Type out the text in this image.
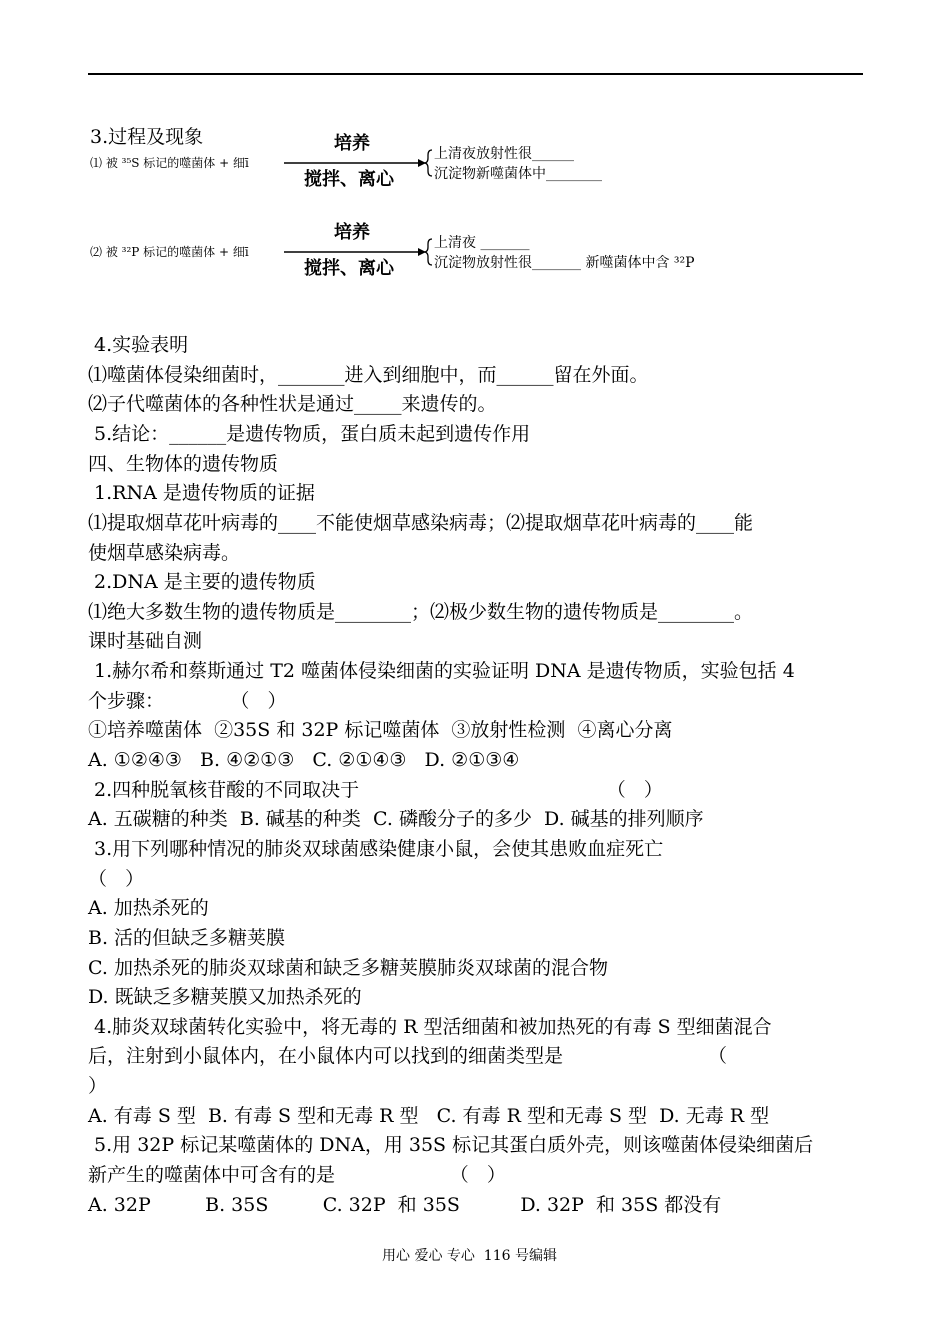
3.过程及现象
⑴ 被 ³⁵S 标记的噬菌体 + 细ī
培养
搅拌、离心
上清夜放射性很______
沉淀物新噬菌体中________
⑵ 被 ³²P 标记的噬菌体 + 细ī
培养
搅拌、离心
上清夜 _______
沉淀物放射性很_______ 新噬菌体中含 ³²P
4.实验表明
⑴噬菌体侵染细菌时，_______进入到细胞中，而______留在外面。
⑵子代噬菌体的各种性状是通过_____来遗传的。
5.结论：______是遗传物质，蛋白质未起到遗传作用
四、生物体的遗传物质
1.RNA 是遗传物质的证据
⑴提取烟草花叶病毒的____不能使烟草感染病毒；⑵提取烟草花叶病毒的____能
使烟草感染病毒。
2.DNA 是主要的遗传物质
⑴绝大多数生物的遗传物质是________；⑵极少数生物的遗传物质是________。
课时基础自测
1.赫尔希和蔡斯通过 T2 噬菌体侵染细菌的实验证明 DNA 是遗传物质，实验包括 4
个步骤：           （   ）
①培养噬菌体  ②35S 和 32P 标记噬菌体  ③放射性检测  ④离心分离
A. ①②④③   B. ④②①③   C. ②①④③   D. ②①③④
2.四种脱氧核苷酸的不同取决于                                         （   ）
A. 五碳糖的种类  B. 碱基的种类  C. 磷酸分子的多少  D. 碱基的排列顺序
3.用下列哪种情况的肺炎双球菌感染健康小鼠，会使其患败血症死亡
（   ）
A. 加热杀死的
B. 活的但缺乏多糖荚膜
C. 加热杀死的肺炎双球菌和缺乏多糖荚膜肺炎双球菌的混合物
D. 既缺乏多糖荚膜又加热杀死的
4.肺炎双球菌转化实验中，将无毒的 R 型活细菌和被加热死的有毒 S 型细菌混合
后，注射到小鼠体内，在小鼠体内可以找到的细菌类型是                        （
）
A. 有毒 S 型  B. 有毒 S 型和无毒 R 型   C. 有毒 R 型和无毒 S 型  D. 无毒 R 型
5.用 32P 标记某噬菌体的 DNA，用 35S 标记其蛋白质外壳，则该噬菌体侵染细菌后
新产生的噬菌体中可含有的是                   （   ）
A. 32P         B. 35S         C. 32P  和 35S          D. 32P  和 35S 都没有
用心 爱心 专心  116 号编辑
